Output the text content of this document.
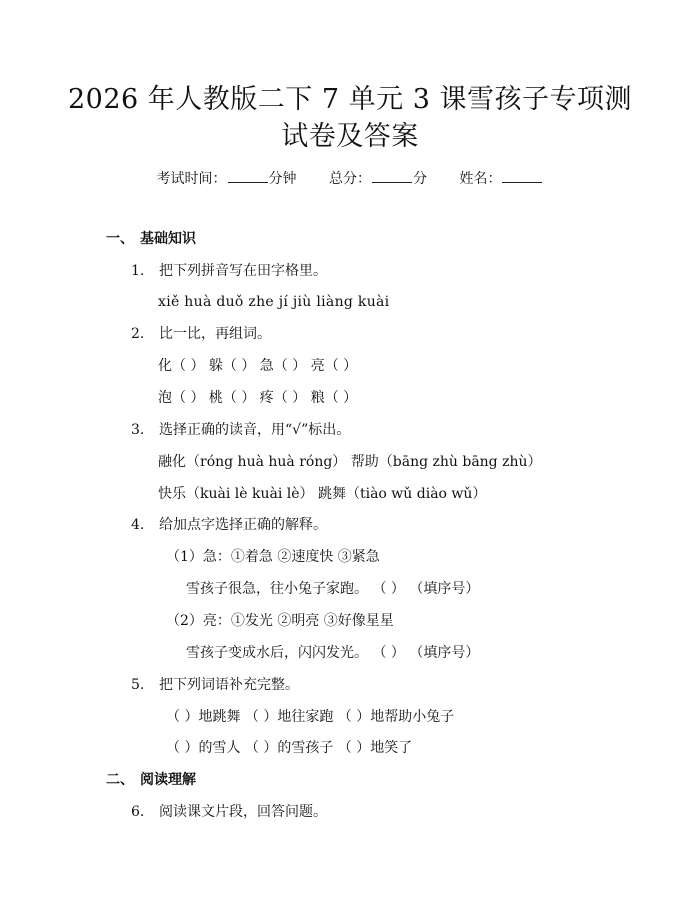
2026 年人教版二下 7 单元 3 课雪孩子专项测
试卷及答案
考试时间：	分钟 总分：	分 姓名：
一、 基础知识
1. 把下列拼音写在田字格里。
xiě huà duǒ zhe jí jiù liàng kuài
2. 比一比，再组词。
化（ ） 躲（ ） 急（ ） 亮（ ）
泡（ ） 桃（ ） 疼（ ） 粮（ ）
3. 选择正确的读音，用“√”标出。
融化（róng huà huà róng） 帮助（bāng zhù bāng zhù）
快乐（kuài lè kuài lè） 跳舞（tiào wǔ diào wǔ）
4. 给加点字选择正确的解释。
（1）急：①着急 ②速度快 ③紧急
雪孩子很急，往小兔子家跑。 （ ） （填序号）
（2）亮：①发光 ②明亮 ③好像星星
雪孩子变成水后，闪闪发光。 （ ） （填序号）
5. 把下列词语补充完整。
（ ）地跳舞 （ ）地往家跑 （ ）地帮助小兔子
（ ）的雪人 （ ）的雪孩子 （ ）地笑了
二、 阅读理解
6. 阅读课文片段，回答问题。
